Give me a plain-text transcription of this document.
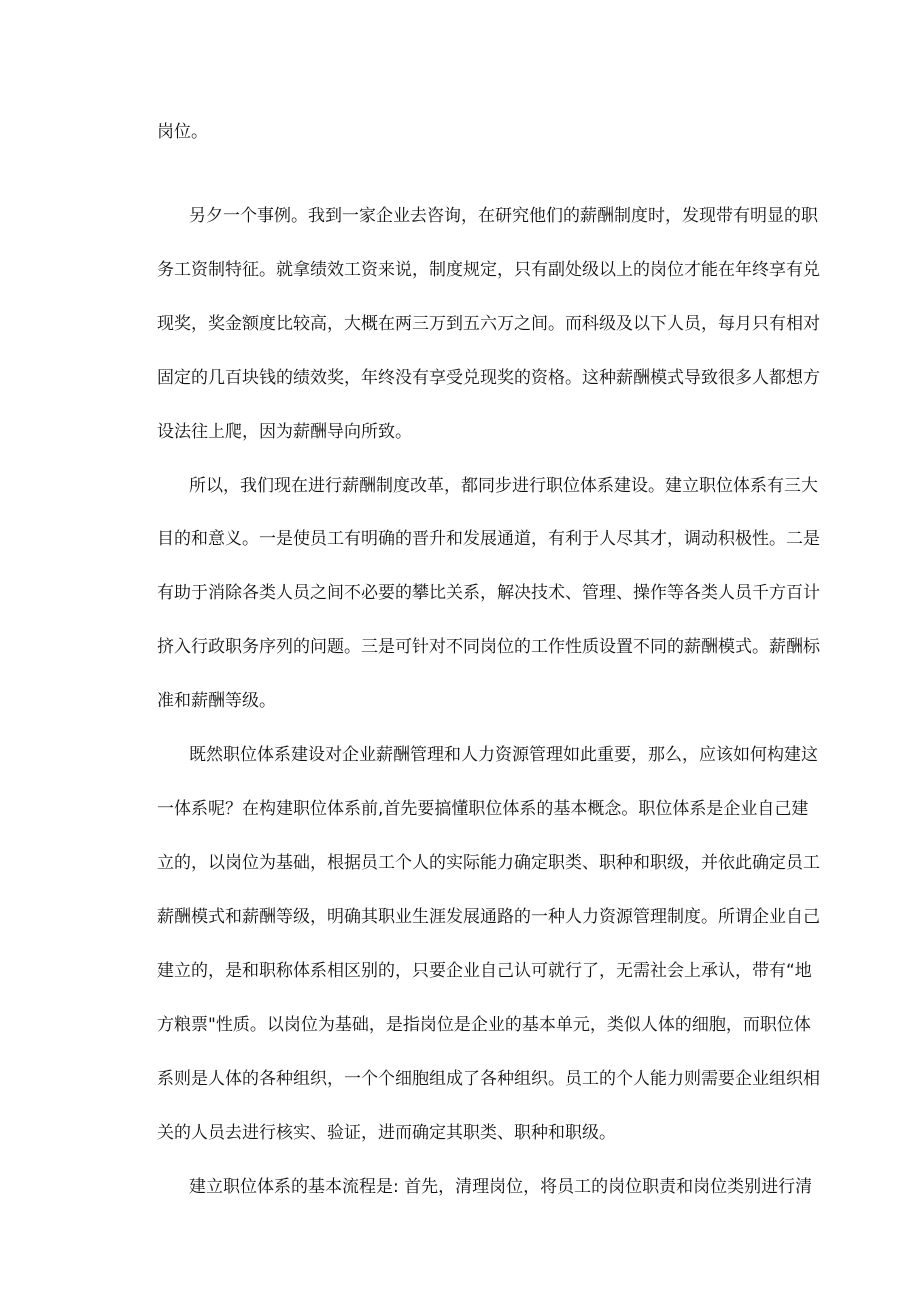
岗位。

另夕一个事例。我到一家企业去咨询，在研究他们的薪酬制度时，发现带有明显的职

务工资制特征。就拿绩效工资来说，制度规定，只有副处级以上的岗位才能在年终享有兑

现奖，奖金额度比较高，大概在两三万到五六万之间。而科级及以下人员，每月只有相对

固定的几百块钱的绩效奖，年终没有享受兑现奖的资格。这种薪酬模式导致很多人都想方

设法往上爬，因为薪酬导向所致。

所以，我们现在进行薪酬制度改革，都同步进行职位体系建设。建立职位体系有三大

目的和意义。一是使员工有明确的晋升和发展通道，有利于人尽其才，调动积极性。二是

有助于消除各类人员之间不必要的攀比关系，解决技术、管理、操作等各类人员千方百计

挤入行政职务序列的问题。三是可针对不同岗位的工作性质设置不同的薪酬模式。薪酬标

准和薪酬等级。

既然职位体系建设对企业薪酬管理和人力资源管理如此重要，那么，应该如何构建这

一体系呢？在构建职位体系前,首先要搞懂职位体系的基本概念。职位体系是企业自己建

立的，以岗位为基础，根据员工个人的实际能力确定职类、职种和职级，并依此确定员工

薪酬模式和薪酬等级，明确其职业生涯发展通路的一种人力资源管理制度。所谓企业自己

建立的，是和职称体系相区别的，只要企业自己认可就行了，无需社会上承认，带有“地

方粮票"性质。以岗位为基础，是指岗位是企业的基本单元，类似人体的细胞，而职位体

系则是人体的各种组织，一个个细胞组成了各种组织。员工的个人能力则需要企业组织相

关的人员去进行核实、验证，进而确定其职类、职种和职级。

建立职位体系的基本流程是: 首先，清理岗位，将员工的岗位职责和岗位类别进行清
